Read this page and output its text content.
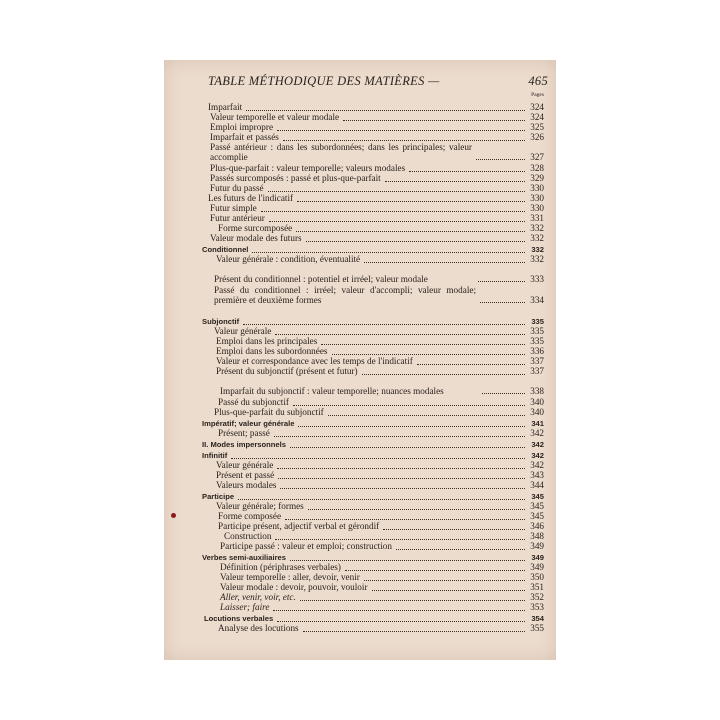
TABLE MÉTHODIQUE DES MATIÈRES —	465
Pages
Imparfait	324
Valeur temporelle et valeur modale	324
Emploi impropre	325
Imparfait et passés	326
Passé antérieur : dans les subordonnées; dans les principales; valeur accomplie	327
Plus-que-parfait : valeur temporelle; valeurs modales	328
Passés surcomposés : passé et plus-que-parfait	329
Futur du passé	330
Les futurs de l'indicatif	330
Futur simple	330
Futur antérieur	331
Forme surcomposée	332
Valeur modale des futurs	332
Conditionnel	332
Valeur générale : condition, éventualité	332
Présent du conditionnel : potentiel et irréel; valeur modale	333
Passé du conditionnel : irréel; valeur d'accompli; valeur modale; première et deuxième formes	334
Subjonctif	335
Valeur générale	335
Emploi dans les principales	335
Emploi dans les subordonnées	336
Valeur et correspondance avec les temps de l'indicatif	337
Présent du subjonctif (présent et futur)	337
Imparfait du subjonctif : valeur temporelle; nuances modales	338
Passé du subjonctif	340
Plus-que-parfait du subjonctif	340
Impératif; valeur générale	341
Présent; passé	342
II. Modes impersonnels	342
Infinitif	342
Valeur générale	342
Présent et passé	343
Valeurs modales	344
Participe	345
Valeur générale; formes	345
Forme composée	345
Participe présent, adjectif verbal et gérondif	346
Construction	348
Participe passé : valeur et emploi; construction	349
Verbes semi-auxiliaires	349
Définition (périphrases verbales)	349
Valeur temporelle : aller, devoir, venir	350
Valeur modale : devoir, pouvoir, vouloir	351
Aller, venir, voir, etc.	352
Laisser; faire	353
Locutions verbales	354
Analyse des locutions	355
